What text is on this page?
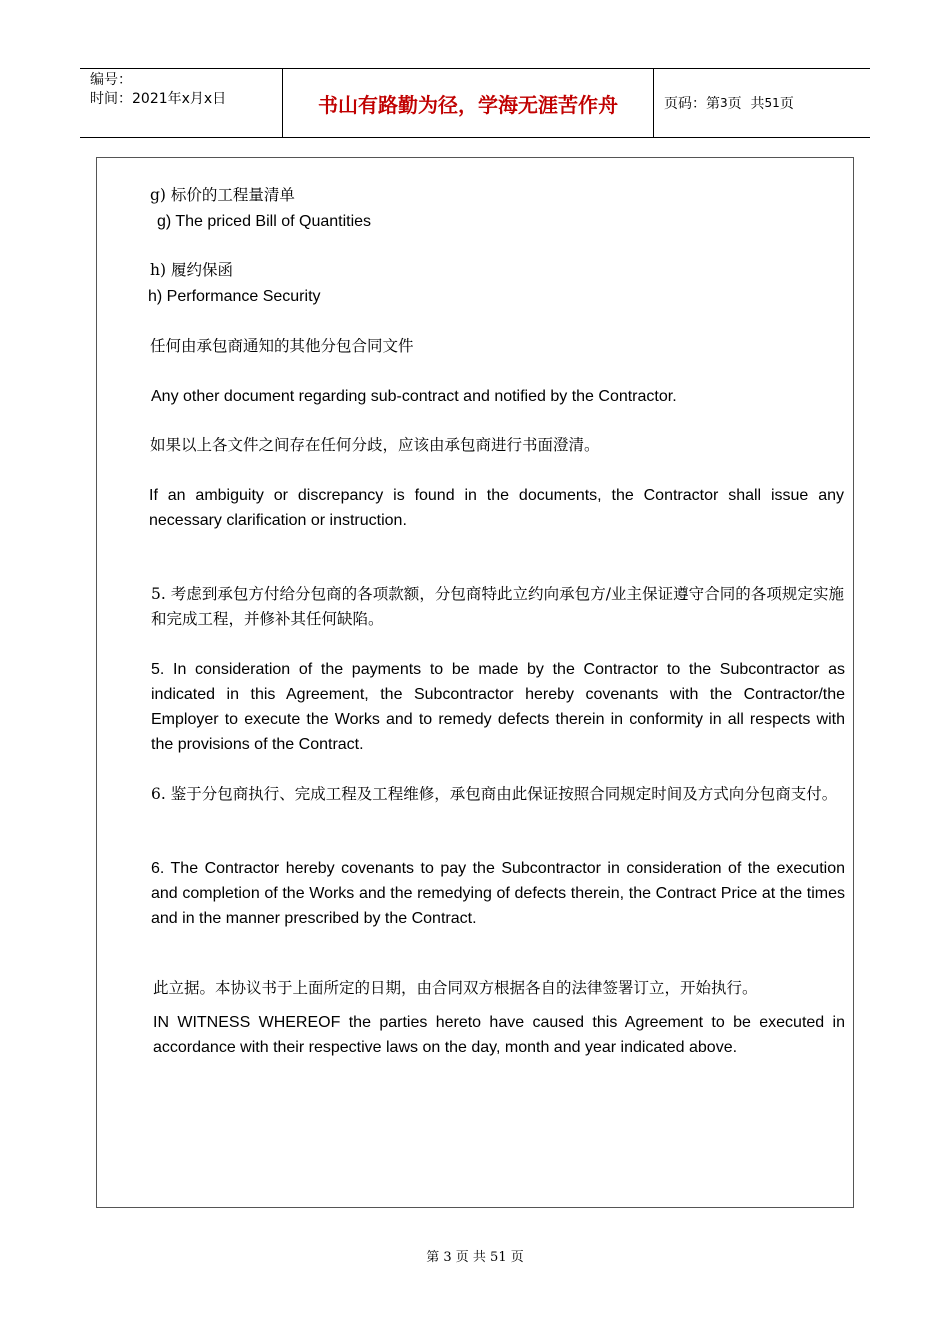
编号：
时间：2021年x月x日	书山有路勤为径，学海无涯苦作舟	页码：第 3 页  共 51 页
g) 标价的工程量清单
g) The priced Bill of Quantities
h) 履约保函
h) Performance Security
任何由承包商通知的其他分包合同文件
Any other document regarding sub-contract and notified by the Contractor.
如果以上各文件之间存在任何分歧，应该由承包商进行书面澄清。
If an ambiguity or discrepancy is found in the documents, the Contractor shall issue any necessary clarification or instruction.
5. 考虑到承包方付给分包商的各项款额，分包商特此立约向承包方/业主保证遵守合同的各项规定实施和完成工程，并修补其任何缺陷。
5. In consideration of the payments to be made by the Contractor to the Subcontractor as indicated in this Agreement, the Subcontractor hereby covenants with the Contractor/the Employer to execute the Works and to remedy defects therein in conformity in all respects with the provisions of the Contract.
6. 鉴于分包商执行、完成工程及工程维修，承包商由此保证按照合同规定时间及方式向分包商支付。
6. The Contractor hereby covenants to pay the Subcontractor in consideration of the execution and completion of the Works and the remedying of defects therein, the Contract Price at the times and in the manner prescribed by the Contract.
此立据。本协议书于上面所定的日期，由合同双方根据各自的法律签署订立，开始执行。
IN WITNESS WHEREOF the parties hereto have caused this Agreement to be executed in accordance with their respective laws on the day, month and year indicated above.
第 3 页 共 51 页
